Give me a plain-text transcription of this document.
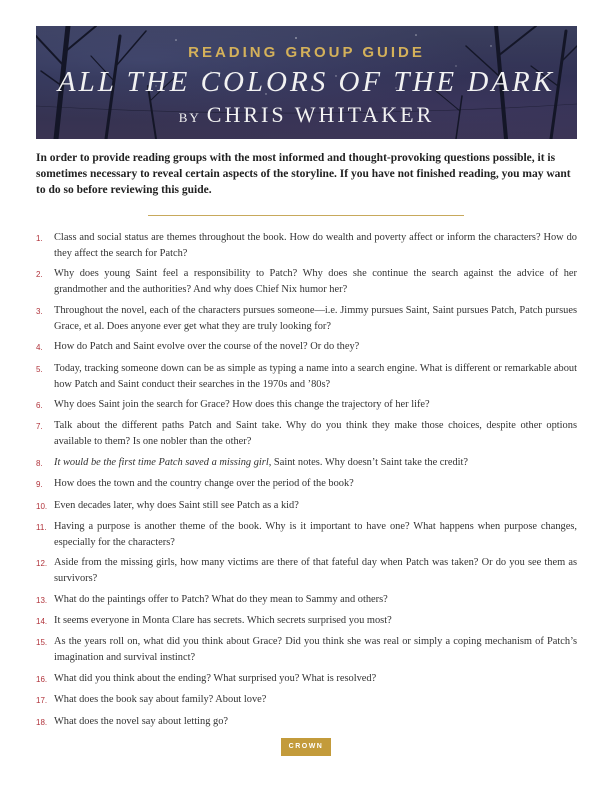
READING GROUP GUIDE
ALL THE COLORS OF THE DARK
BY CHRIS WHITAKER

In order to provide reading groups with the most informed and thought-provoking questions possible, it is sometimes necessary to reveal certain aspects of the storyline. If you have not finished reading, you may want to do so before reviewing this guide.

1.	Class and social status are themes throughout the book. How do wealth and poverty affect or inform the characters? How do they affect the search for Patch?
2.	Why does young Saint feel a responsibility to Patch? Why does she continue the search against the advice of her grandmother and the authorities? And why does Chief Nix humor her?
3.	Throughout the novel, each of the characters pursues someone—i.e. Jimmy pursues Saint, Saint pursues Patch, Patch pursues Grace, et al. Does anyone ever get what they are truly looking for?
4.	How do Patch and Saint evolve over the course of the novel? Or do they?
5.	Today, tracking someone down can be as simple as typing a name into a search engine. What is different or remarkable about how Patch and Saint conduct their searches in the 1970s and ’80s?
6.	Why does Saint join the search for Grace? How does this change the trajectory of her life?
7.	Talk about the different paths Patch and Saint take. Why do you think they make those choices, despite other options available to them? Is one nobler than the other?
8.	It would be the first time Patch saved a missing girl, Saint notes. Why doesn’t Saint take the credit?
9.	How does the town and the country change over the period of the book?
10. Even decades later, why does Saint still see Patch as a kid?
11. Having a purpose is another theme of the book. Why is it important to have one? What happens when purpose changes, especially for the characters?
12. Aside from the missing girls, how many victims are there of that fateful day when Patch was taken? Or do you see them as survivors?
13. What do the paintings offer to Patch? What do they mean to Sammy and others?
14. It seems everyone in Monta Clare has secrets. Which secrets surprised you most?
15. As the years roll on, what did you think about Grace? Did you think she was real or simply a coping mechanism of Patch’s imagination and survival instinct?
16. What did you think about the ending? What surprised you? What is resolved?
17. What does the book say about family? About love?
18. What does the novel say about letting go?
CROWN
